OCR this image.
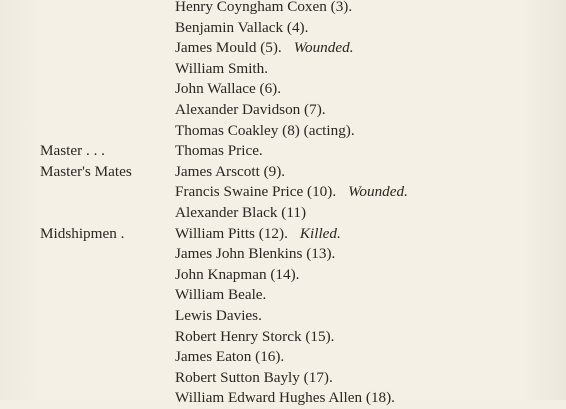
Henry Coyngham Coxen (3).
Benjamin Vallack (4).
James Mould (5). Wounded.
William Smith.
John Wallace (6).
Alexander Davidson (7).
Thomas Coakley (8) (acting).
Master . . .	Thomas Price.
Master's Mates	James Arscott (9).
Francis Swaine Price (10). Wounded.
Alexander Black (11)
Midshipmen .	William Pitts (12). Killed.
James John Blenkins (13).
John Knapman (14).
William Beale.
Lewis Davies.
Robert Henry Storck (15).
James Eaton (16).
Robert Sutton Bayly (17).
William Edward Hughes Allen (18).
